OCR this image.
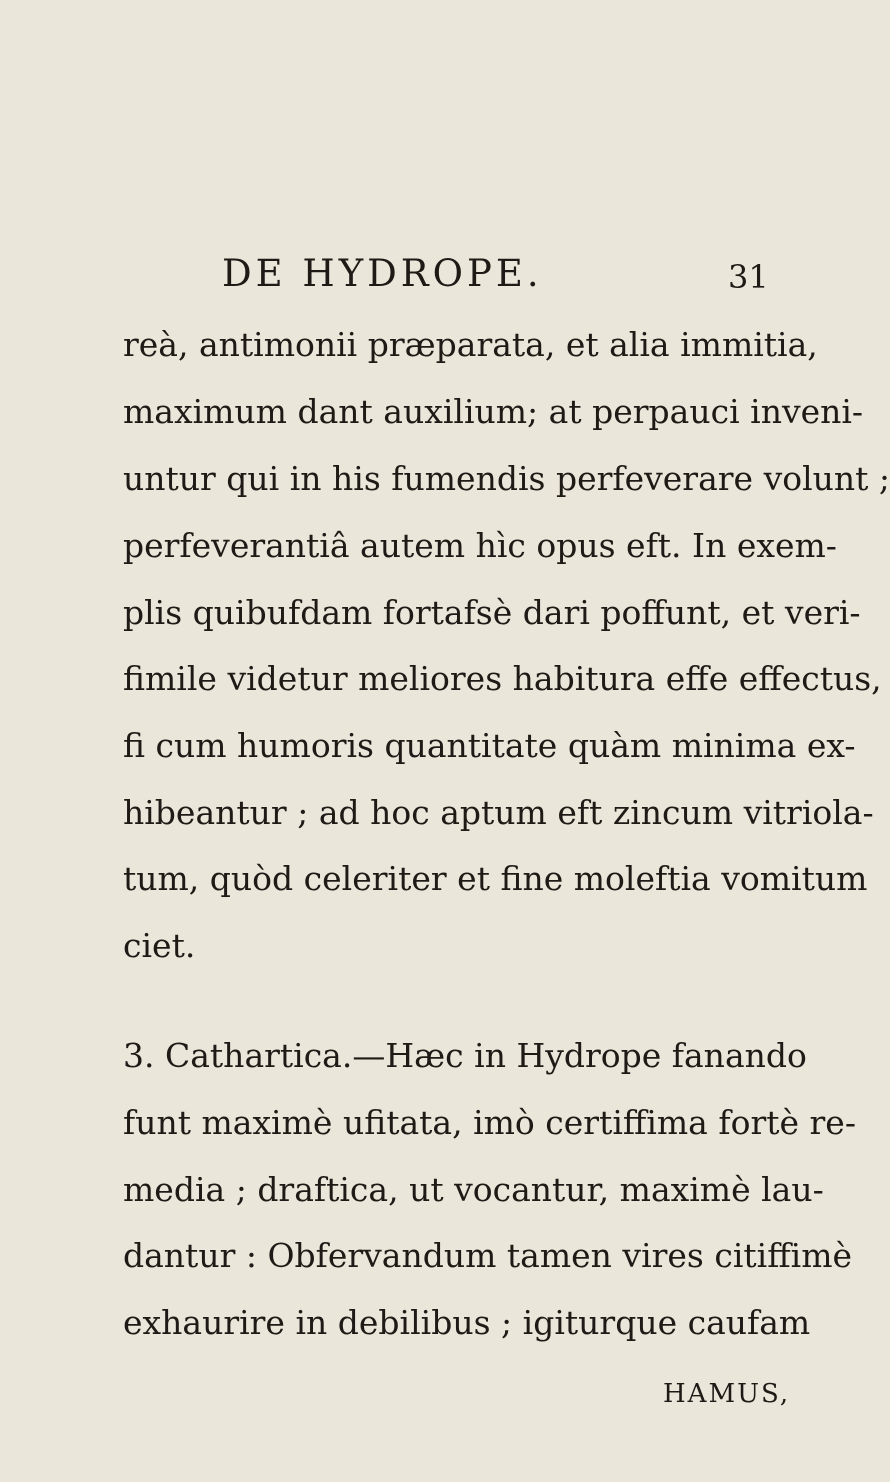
DE HYDROPE.	31
reà, antimonii præparata, et alia immitia,
maximum dant auxilium; at perpauci inveni-
untur qui in his fumendis perfeverare volunt ;
perfeverantiâ autem hìc opus eft. In exem-
plis quibufdam fortafsè dari poffunt, et veri-
fimile videtur meliores habitura effe effectus,
fi cum humoris quantitate quàm minima ex-
hibeantur ; ad hoc aptum eft zincum vitriola-
tum, quòd celeriter et fine moleftia vomitum
ciet.
3. Cathartica.—Hæc in Hydrope fanando
funt maximè ufitata, imò certiffima fortè re-
media ; draftica, ut vocantur, maximè lau-
dantur : Obfervandum tamen vires citiffimè
exhaurire in debilibus ; igiturque caufam
HAMUS,
